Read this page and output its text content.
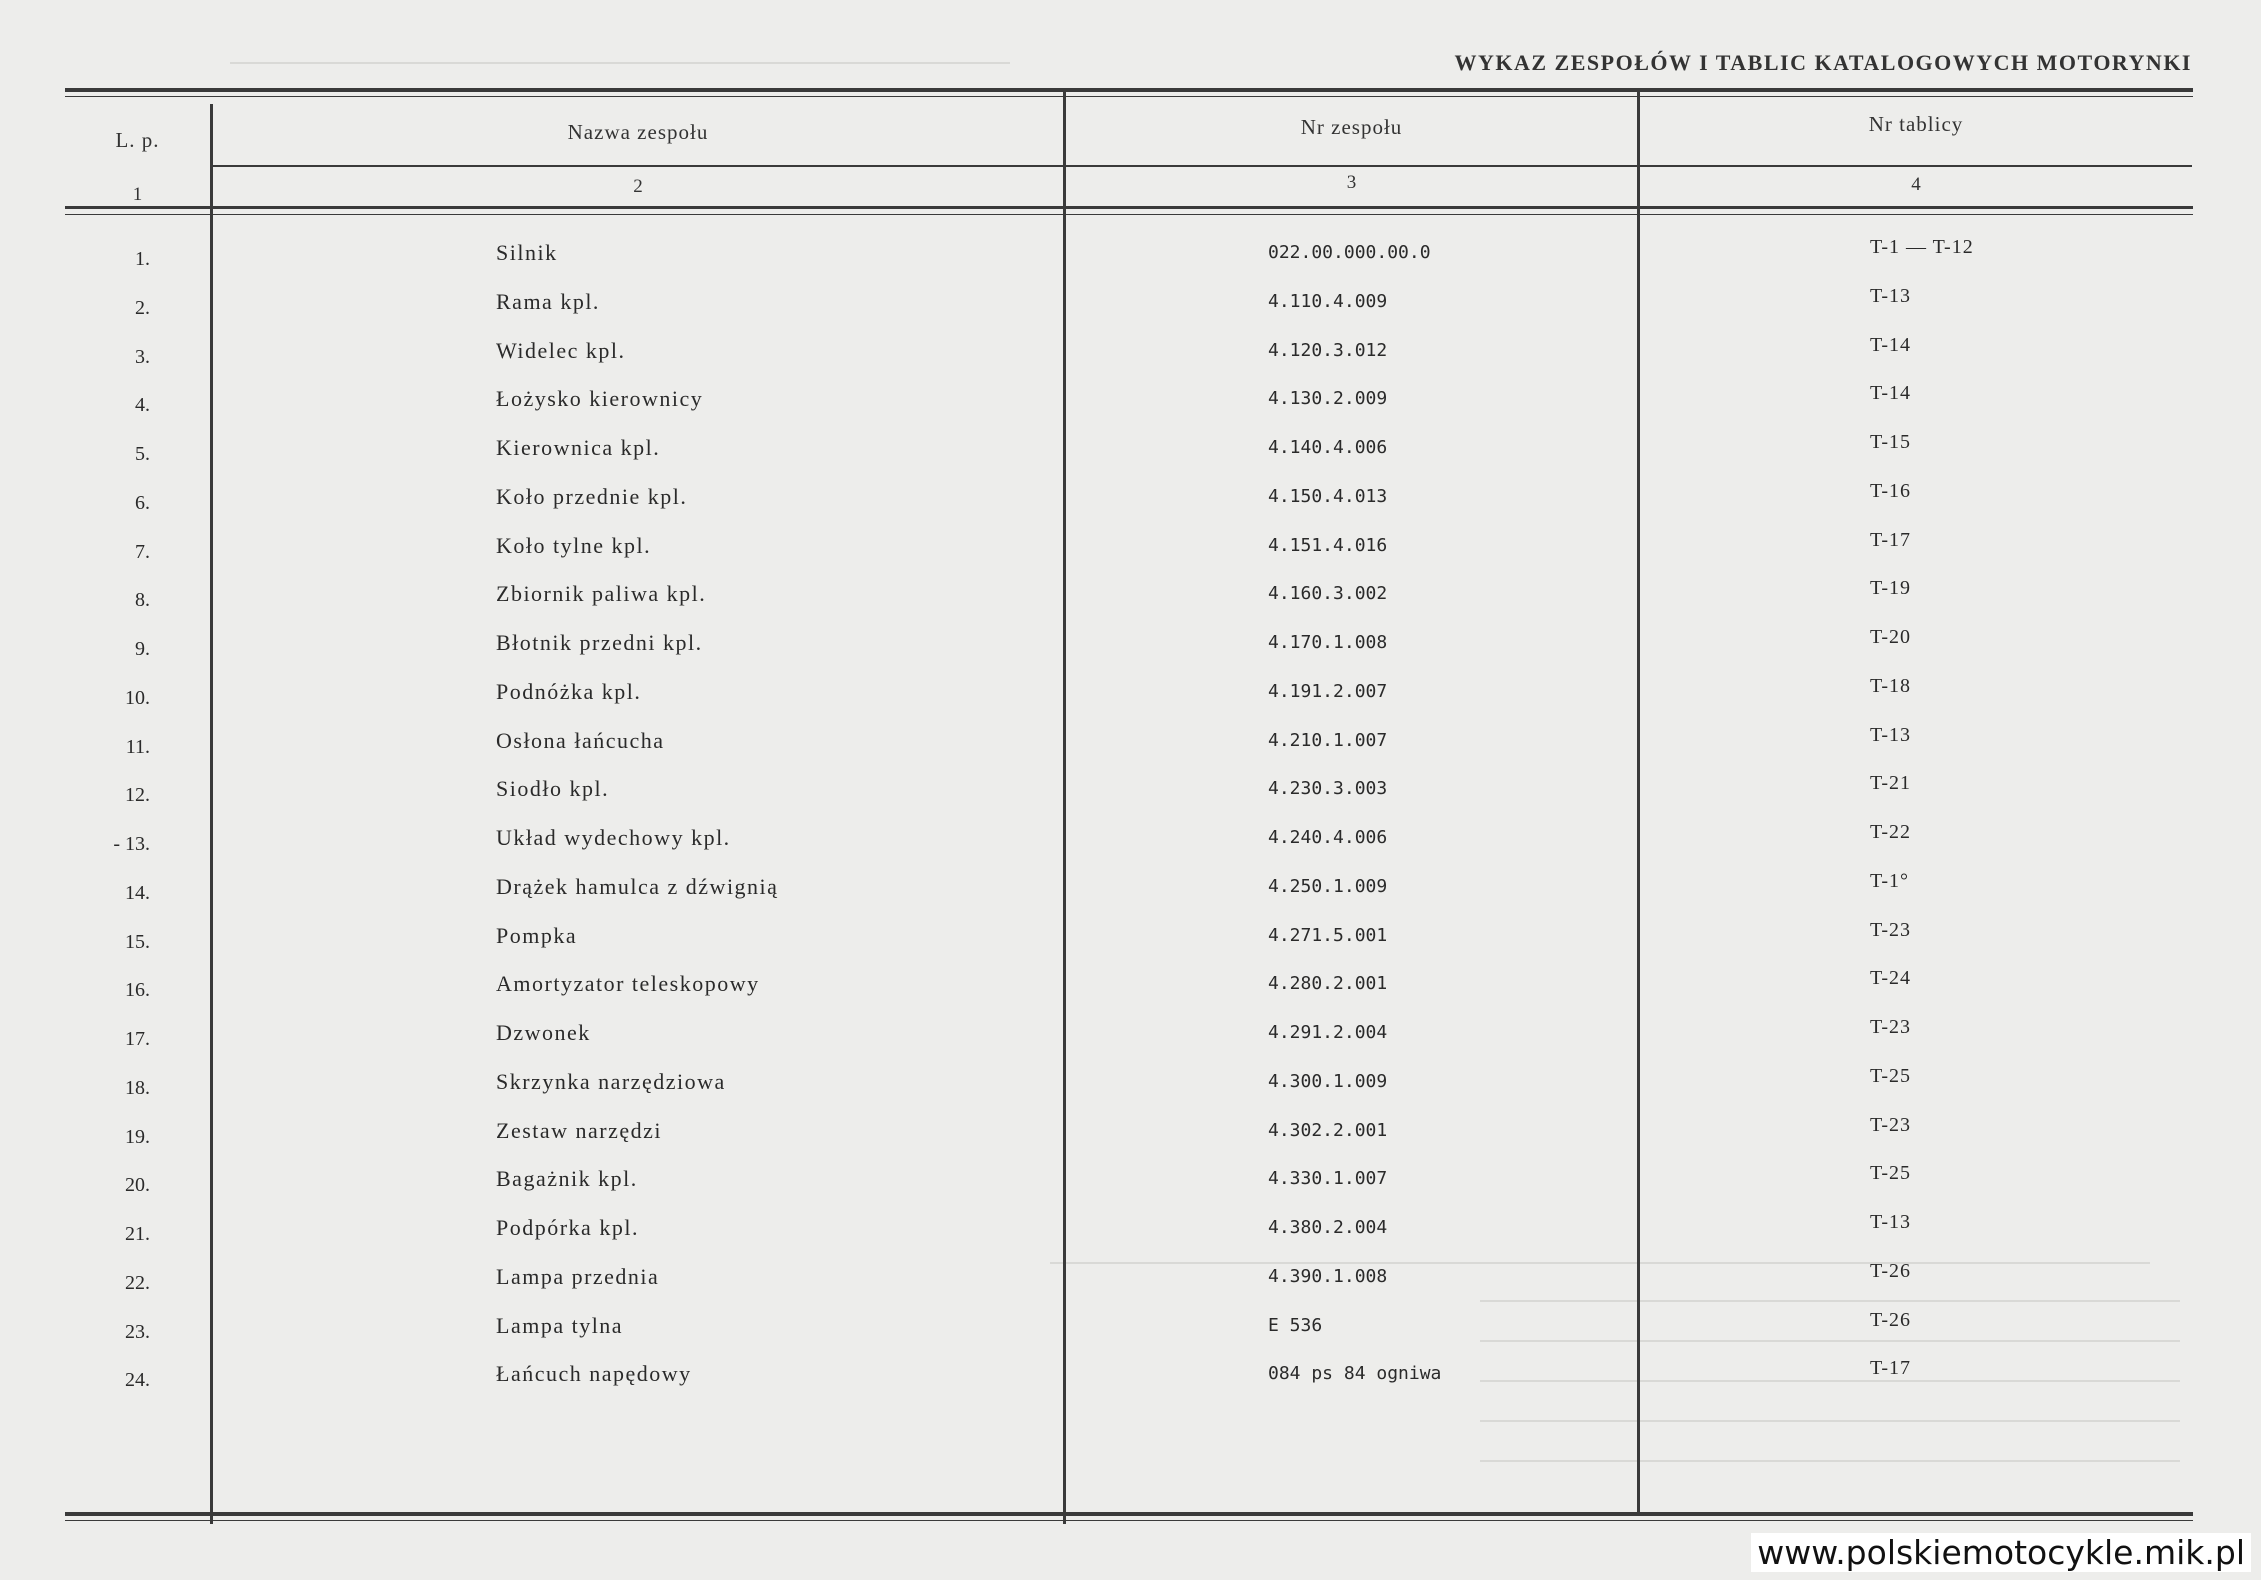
WYKAZ ZESPOŁÓW I TABLIC KATALOGOWYCH MOTORYNKI
L. p.	Nazwa zespołu	Nr zespołu	Nr tablicy
1	2	3	4
1.	Silnik	022.00.000.00.0	T-1 — T-12
2.	Rama kpl.	4.110.4.009	T-13
3.	Widelec kpl.	4.120.3.012	T-14
4.	Łożysko kierownicy	4.130.2.009	T-14
5.	Kierownica kpl.	4.140.4.006	T-15
6.	Koło przednie kpl.	4.150.4.013	T-16
7.	Koło tylne kpl.	4.151.4.016	T-17
8.	Zbiornik paliwa kpl.	4.160.3.002	T-19
9.	Błotnik przedni kpl.	4.170.1.008	T-20
10.	Podnóżka kpl.	4.191.2.007	T-18
11.	Osłona łańcucha	4.210.1.007	T-13
12.	Siodło kpl.	4.230.3.003	T-21
- 13.	Układ wydechowy kpl.	4.240.4.006	T-22
14.	Drążek hamulca z dźwignią	4.250.1.009	T-1°
15.	Pompka	4.271.5.001	T-23
16.	Amortyzator teleskopowy	4.280.2.001	T-24
17.	Dzwonek	4.291.2.004	T-23
18.	Skrzynka narzędziowa	4.300.1.009	T-25
19.	Zestaw narzędzi	4.302.2.001	T-23
20.	Bagażnik kpl.	4.330.1.007	T-25
21.	Podpórka kpl.	4.380.2.004	T-13
22.	Lampa przednia	4.390.1.008	T-26
23.	Lampa tylna	E 536	T-26
24.	Łańcuch napędowy	084 ps 84 ogniwa	T-17
www.polskiemotocykle.mik.pl
